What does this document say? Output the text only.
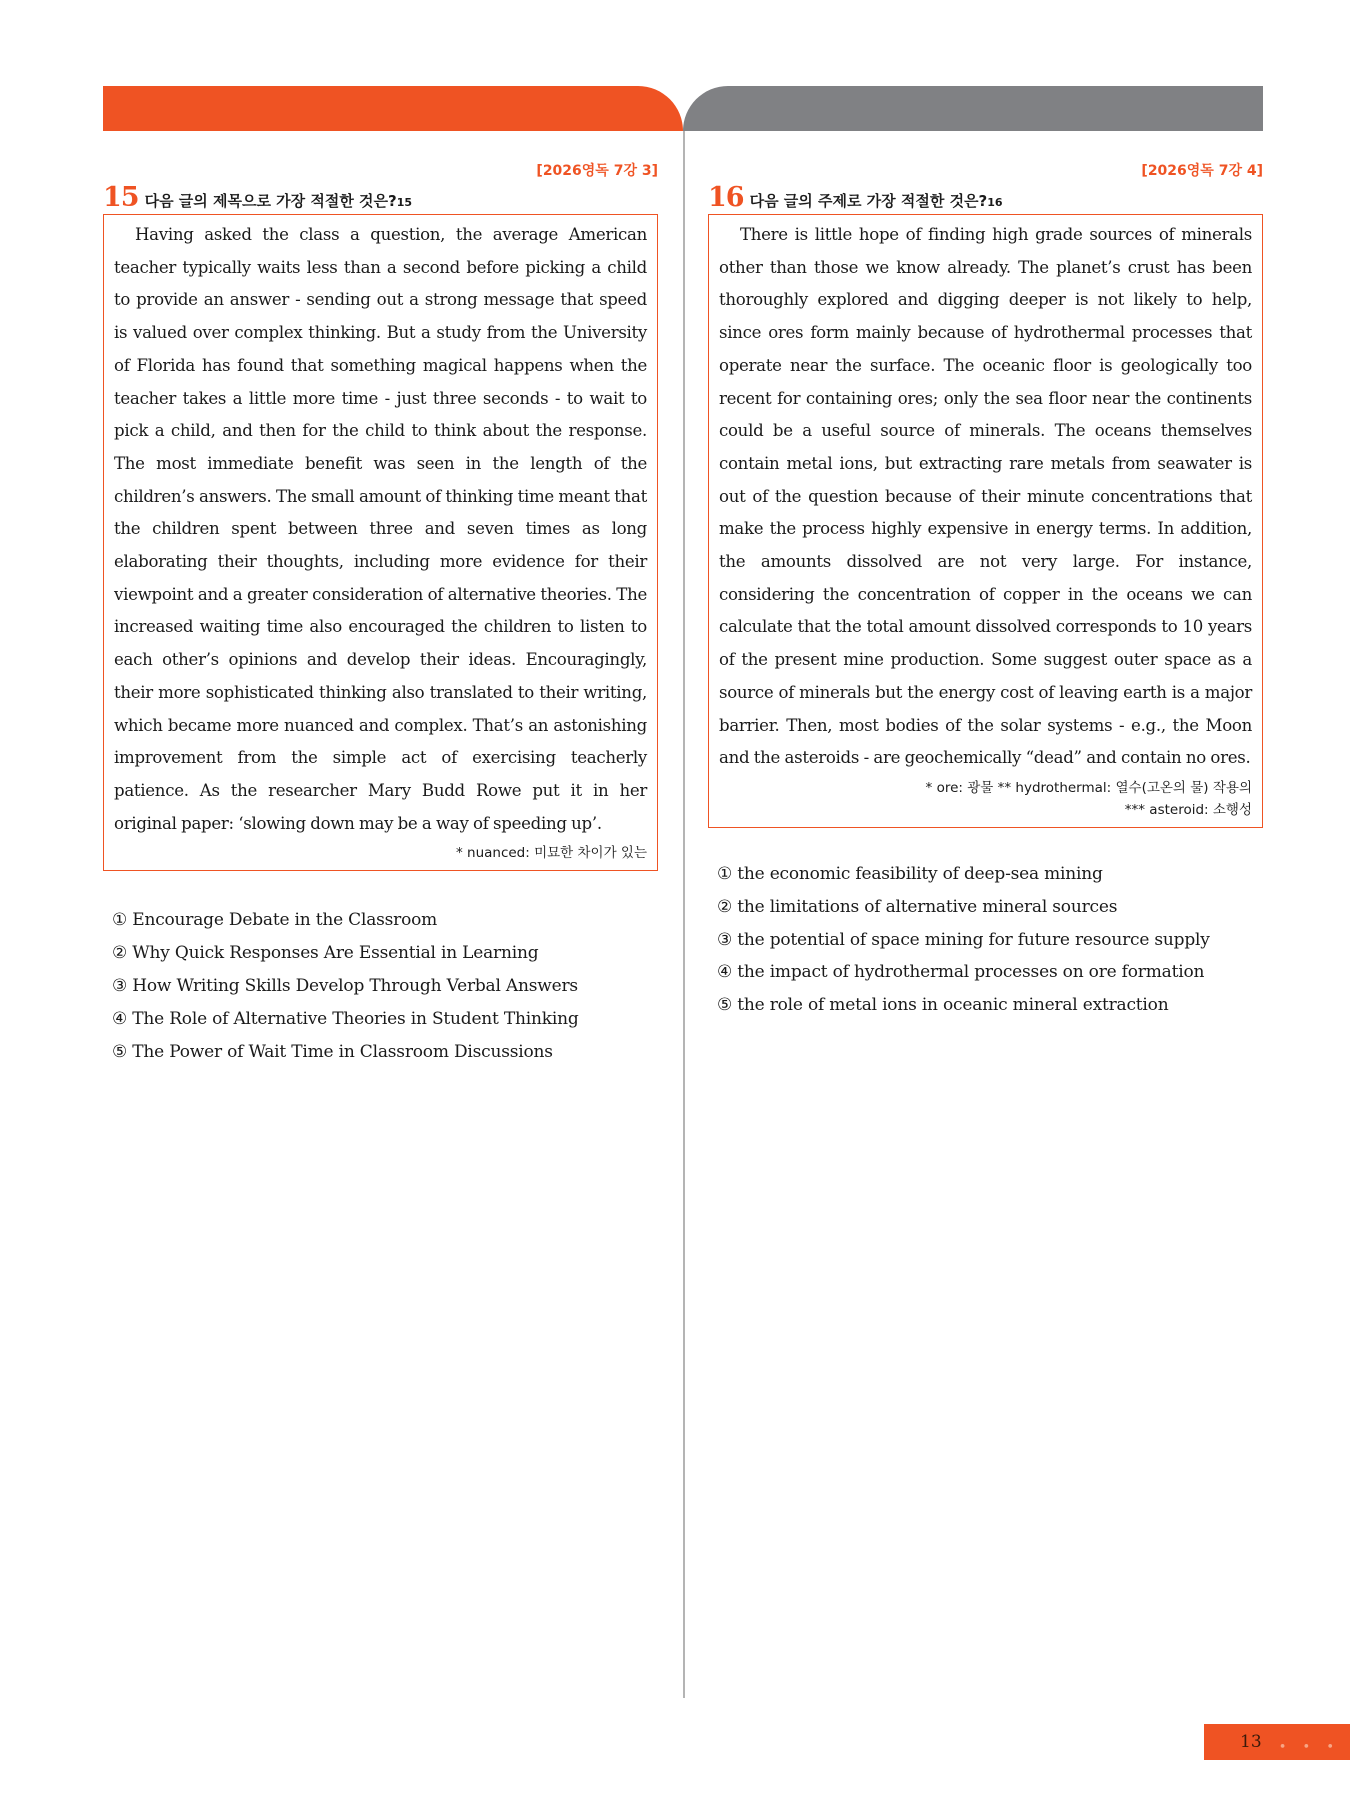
[2026영독 7강 3]
15 다음 글의 제목으로 가장 적절한 것은? 15

Having asked the class a question, the average American teacher typically waits less than a second before picking a child to provide an answer - sending out a strong message that speed is valued over complex thinking. But a study from the University of Florida has found that something magical happens when the teacher takes a little more time - just three seconds - to wait to pick a child, and then for the child to think about the response. The most immediate benefit was seen in the length of the children’s answers. The small amount of thinking time meant that the children spent between three and seven times as long elaborating their thoughts, including more evidence for their viewpoint and a greater consideration of alternative theories. The increased waiting time also encouraged the children to listen to each other’s opinions and develop their ideas. Encouragingly, their more sophisticated thinking also translated to their writing, which became more nuanced and complex. That’s an astonishing improvement from the simple act of exercising teacherly patience. As the researcher Mary Budd Rowe put it in her original paper: ‘slowing down may be a way of speeding up’.

* nuanced: 미묘한 차이가 있는

① Encourage Debate in the Classroom
② Why Quick Responses Are Essential in Learning
③ How Writing Skills Develop Through Verbal Answers
④ The Role of Alternative Theories in Student Thinking
⑤ The Power of Wait Time in Classroom Discussions
[2026영독 7강 4]
16 다음 글의 주제로 가장 적절한 것은? 16

There is little hope of finding high grade sources of minerals other than those we know already. The planet’s crust has been thoroughly explored and digging deeper is not likely to help, since ores form mainly because of hydrothermal processes that operate near the surface. The oceanic floor is geologically too recent for containing ores; only the sea floor near the continents could be a useful source of minerals. The oceans themselves contain metal ions, but extracting rare metals from seawater is out of the question because of their minute concentrations that make the process highly expensive in energy terms. In addition, the amounts dissolved are not very large. For instance, considering the concentration of copper in the oceans we can calculate that the total amount dissolved corresponds to 10 years of the present mine production. Some suggest outer space as a source of minerals but the energy cost of leaving earth is a major barrier. Then, most bodies of the solar systems - e.g., the Moon and the asteroids - are geochemically “dead” and contain no ores.

* ore: 광물 ** hydrothermal: 열수(고온의 물) 작용의

*** asteroid: 소행성

① the economic feasibility of deep-sea mining
② the limitations of alternative mineral sources
③ the potential of space mining for future resource supply
④ the impact of hydrothermal processes on ore formation
⑤ the role of metal ions in oceanic mineral extraction
13 • • •
